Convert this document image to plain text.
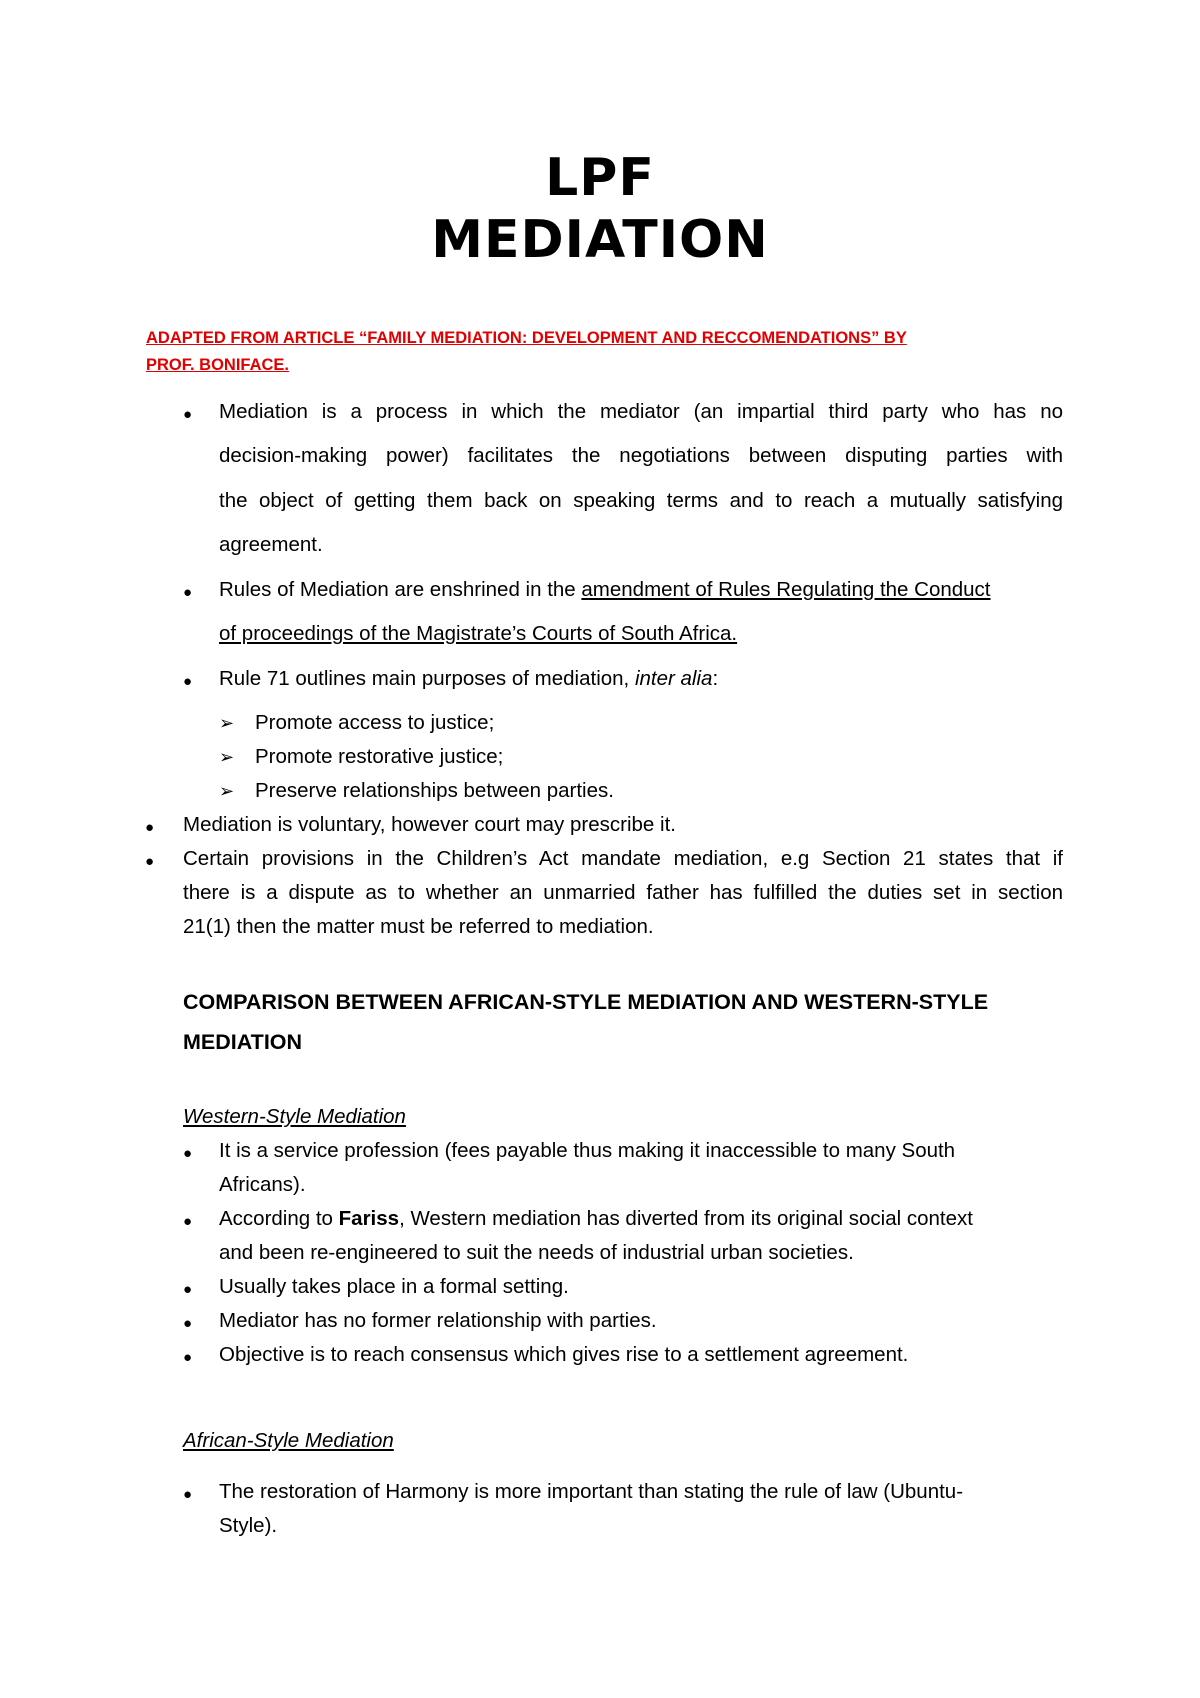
LPF
MEDIATION
ADAPTED FROM ARTICLE “FAMILY MEDIATION: DEVELOPMENT AND RECCOMENDATIONS” BY
PROF. BONIFACE.
● Mediation is a process in which the mediator (an impartial third party who has no
decision-making power) facilitates the negotiations between disputing parties with
the object of getting them back on speaking terms and to reach a mutually satisfying
agreement.
● Rules of Mediation are enshrined in the amendment of Rules Regulating the Conduct
of proceedings of the Magistrate’s Courts of South Africa.
● Rule 71 outlines main purposes of mediation, inter alia:
➢ Promote access to justice;
➢ Promote restorative justice;
➢ Preserve relationships between parties.
● Mediation is voluntary, however court may prescribe it.
● Certain provisions in the Children’s Act mandate mediation, e.g Section 21 states that if
there is a dispute as to whether an unmarried father has fulfilled the duties set in section
21(1) then the matter must be referred to mediation.
COMPARISON BETWEEN AFRICAN-STYLE MEDIATION AND WESTERN-STYLE
MEDIATION
Western-Style Mediation
● It is a service profession (fees payable thus making it inaccessible to many South
Africans).
● According to Fariss, Western mediation has diverted from its original social context
and been re-engineered to suit the needs of industrial urban societies.
● Usually takes place in a formal setting.
● Mediator has no former relationship with parties.
● Objective is to reach consensus which gives rise to a settlement agreement.
African-Style Mediation
● The restoration of Harmony is more important than stating the rule of law (Ubuntu-
Style).
